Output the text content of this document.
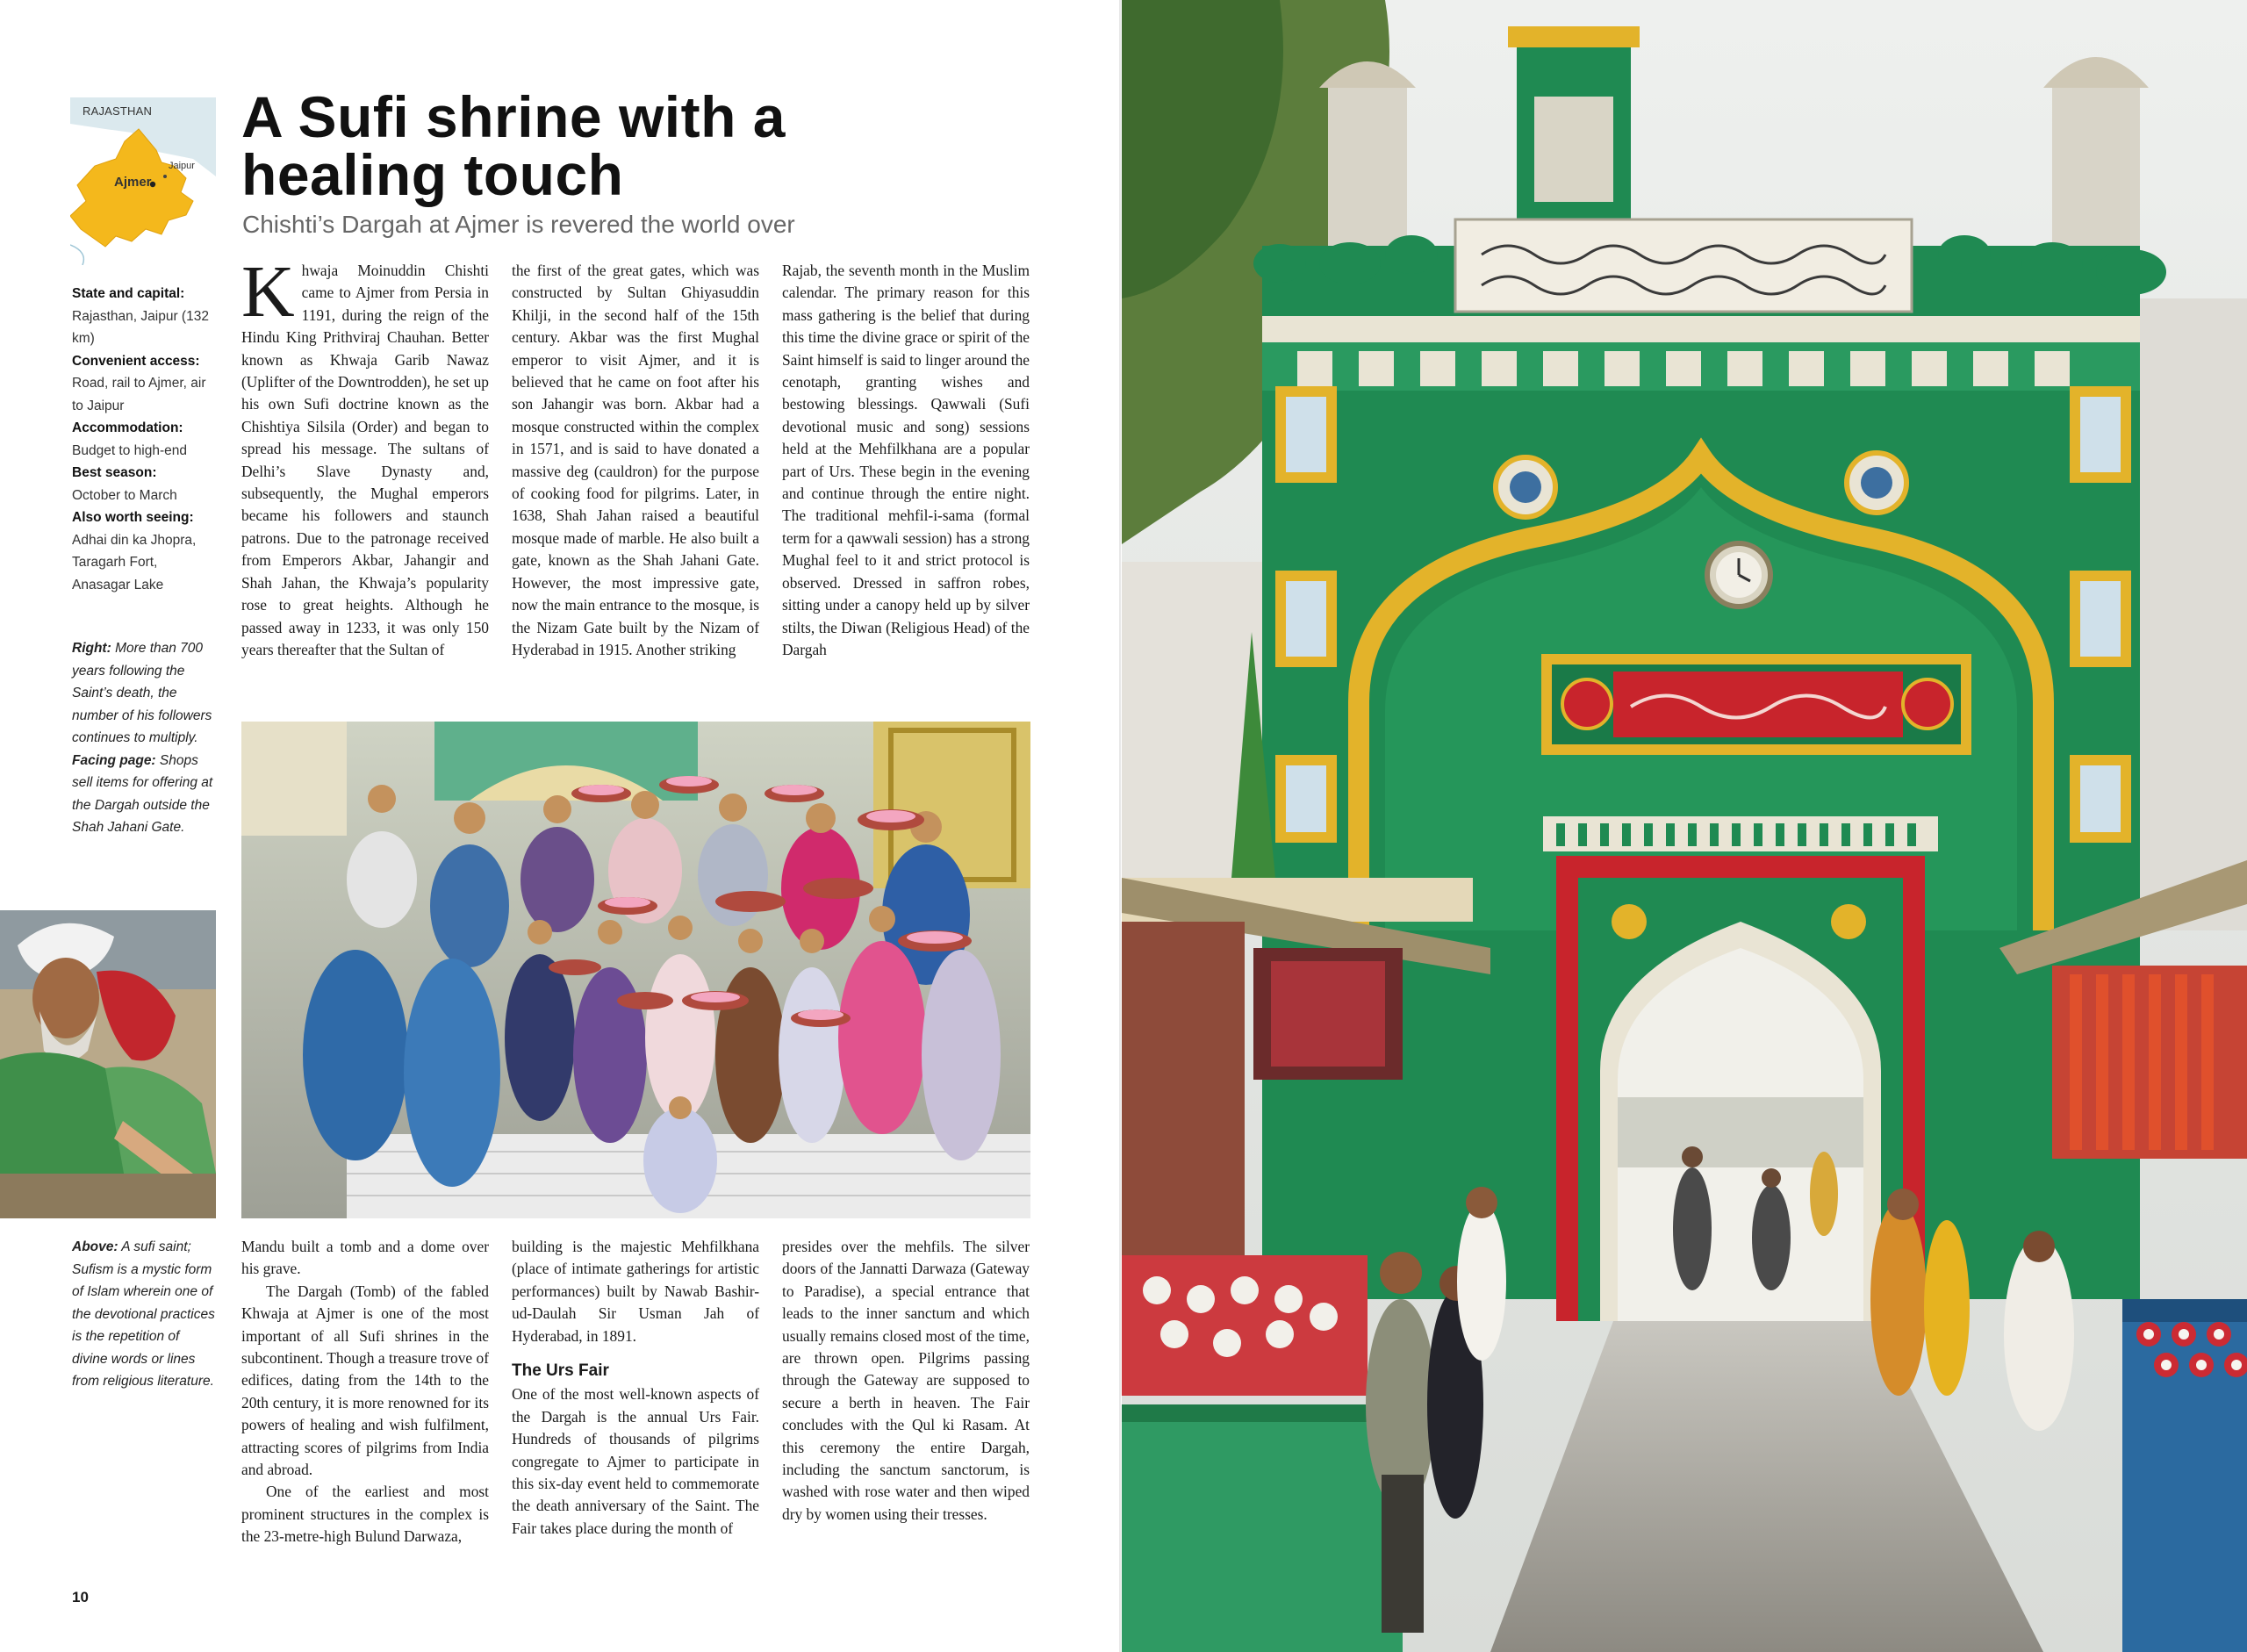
RAJASTHAN
Ajmer
Jaipur
State and capital:
Rajasthan, Jaipur (132 km)
Convenient access:
Road, rail to Ajmer, air to Jaipur
Accommodation:
Budget to high-end
Best season:
October to March
Also worth seeing:
Adhai din ka Jhopra, Taragarh Fort, Anasagar Lake
Right: More than 700 years following the Saint’s death, the number of his followers continues to multiply. Facing page: Shops sell items for offering at the Dargah outside the Shah Jahani Gate.
Above: A sufi saint; Sufism is a mystic form of Islam wherein one of the devotional practices is the repetition of divine words or lines from religious literature.
A Sufi shrine with a healing touch
Chishti’s Dargah at Ajmer is revered the world over

Khwaja Moinuddin Chishti came to Ajmer from Persia in 1191, during the reign of the Hindu King Prithviraj Chauhan. Better known as Khwaja Garib Nawaz (Uplifter of the Downtrodden), he set up his own Sufi doctrine known as the Chishtiya Silsila (Order) and began to spread his message. The sultans of Delhi’s Slave Dynasty and, subsequently, the Mughal emperors became his followers and staunch patrons. Due to the patronage received from Emperors Akbar, Jahangir and Shah Jahan, the Khwaja’s popularity rose to great heights. Although he passed away in 1233, it was only 150 years thereafter that the Sultan of

the first of the great gates, which was constructed by Sultan Ghiyasuddin Khilji, in the second half of the 15th century. Akbar was the first Mughal emperor to visit Ajmer, and it is believed that he came on foot after his son Jahangir was born. Akbar had a mosque constructed within the complex in 1571, and is said to have donated a massive deg (cauldron) for the purpose of cooking food for pilgrims. Later, in 1638, Shah Jahan raised a beautiful mosque made of marble. He also built a gate, known as the Shah Jahani Gate. However, the most impressive gate, now the main entrance to the mosque, is the Nizam Gate built by the Nizam of Hyderabad in 1915. Another striking

Rajab, the seventh month in the Muslim calendar. The primary reason for this mass gathering is the belief that during this time the divine grace or spirit of the Saint himself is said to linger around the cenotaph, granting wishes and bestowing blessings. Qawwali (Sufi devotional music and song) sessions held at the Mehfilkhana are a popular part of Urs. These begin in the evening and continue through the entire night. The traditional mehfil-i-sama (formal term for a qawwali session) has a strong Mughal feel to it and strict protocol is observed. Dressed in saffron robes, sitting under a canopy held up by silver stilts, the Diwan (Religious Head) of the Dargah

Mandu built a tomb and a dome over his grave.

The Dargah (Tomb) of the fabled Khwaja at Ajmer is one of the most important of all Sufi shrines in the subcontinent. Though a treasure trove of edifices, dating from the 14th to the 20th century, it is more renowned for its powers of healing and wish fulfilment, attracting scores of pilgrims from India and abroad.

One of the earliest and most prominent structures in the complex is the 23-metre-high Bulund Darwaza,

building is the majestic Mehfilkhana (place of intimate gatherings for artistic performances) built by Nawab Bashir-ud-Daulah Sir Usman Jah of Hyderabad, in 1891.

The Urs Fair

One of the most well-known aspects of the Dargah is the annual Urs Fair. Hundreds of thousands of pilgrims congregate to Ajmer to participate in this six-day event held to commemorate the death anniversary of the Saint. The Fair takes place during the month of

presides over the mehfils. The silver doors of the Jannatti Darwaza (Gateway to Paradise), a special entrance that leads to the inner sanctum and which usually remains closed most of the time, are thrown open. Pilgrims passing through the Gateway are supposed to secure a berth in heaven. The Fair concludes with the Qul ki Rasam. At this ceremony the entire Dargah, including the sanctum sanctorum, is washed with rose water and then wiped dry by women using their tresses.

10
